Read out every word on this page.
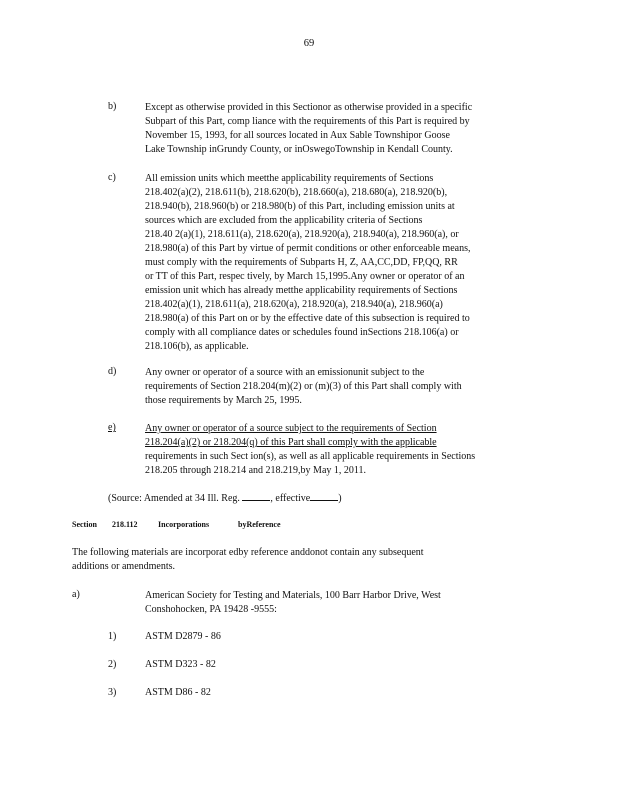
69
b)	Except as otherwise provided in this Sectionor as otherwise provided in a specific
Subpart of this Part, comp liance with the requirements of this Part is required by
November 15, 1993, for all sources located in Aux Sable Townshipor Goose
Lake Township inGrundy County, or inOswegoTownship in Kendall County.
c)	All emission units which meetthe applicability requirements of Sections
218.402(a)(2), 218.611(b), 218.620(b), 218.660(a), 218.680(a), 218.920(b),
218.940(b), 218.960(b) or 218.980(b) of this Part, including emission units at
sources which are excluded from the applicability criteria of Sections
218.40 2(a)(1), 218.611(a), 218.620(a), 218.920(a), 218.940(a), 218.960(a), or
218.980(a) of this Part by virtue of permit conditions or other enforceable means,
must comply with the requirements of Subparts H, Z, AA,CC,DD, FP,QQ, RR
or TT of this Part, respec tively, by March 15,1995.Any owner or operator of an
emission unit which has already metthe applicability requirements of Sections
218.402(a)(1), 218.611(a), 218.620(a), 218.920(a), 218.940(a), 218.960(a)
218.980(a) of this Part on or by the effective date of this subsection is required to
comply with all compliance dates or schedules found inSections 218.106(a) or
218.106(b), as applicable.
d)	Any owner or operator of a source with an emissionunit subject to the
requirements of Section 218.204(m)(2) or (m)(3) of this Part shall comply with
those requirements by March 25, 1995.
e)	Any owner or operator of a source subject to the requirements of Section
218.204(a)(2) or 218.204(q) of this Part shall comply with the applicable
requirements in such Sect ion(s), as well as all applicable requirements in Sections
218.205 through 218.214 and 218.219,by May 1, 2011.
(Source: Amended at 34 Ill. Reg.	, effective	)
Section 218.112	Incorporations	byReference
The following materials are incorporat edby reference anddonot contain any subsequent
additions or amendments.
a)	American Society for Testing and Materials, 100 Barr Harbor Drive, West
Conshohocken, PA 19428 -9555:
1)	ASTM D2879 - 86
2)	ASTM D323 - 82
3)	ASTM D86 - 82
